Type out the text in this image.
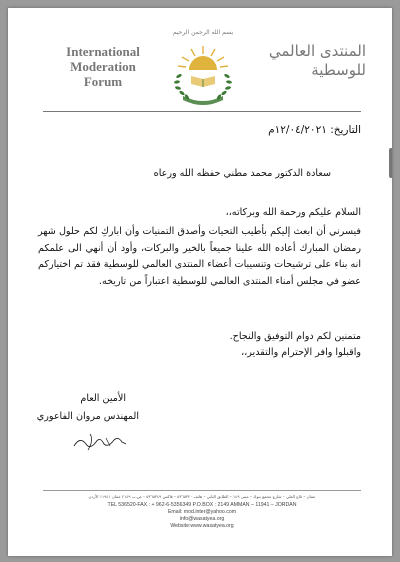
International
Moderation
Forum
بسم الله الرحمن الرحيم
المنتدى العالمي
للوسطية
التاريخ: ١٢/٠٤/٢٠٢١م
سعادة الدكتور محمد مطني حفظه الله ورعاه
السلام عليكم ورحمة الله وبركاته،،
فيسرني أن ابعث إليكم بأطيب التحيات وأصدق التمنيات وأن اباركِ لكم حلول شهر رمضان المبارك أعاده الله علينا جميعاً بالخير والبركات، وأود أن أنهي الى علمكم انه بناء على ترشيحات وتنسيبات أعضاء المنتدى العالمي للوسطية فقد تم اختياركم عضو في مجلس أمناء المنتدى العالمي للوسطية اعتباراً من تاريخه.
متمنين لكم دوام التوفيق والنجاح.
واقبلوا وافر الإحترام والتقدير،،
الأمين العام
المهندس مروان الفاعوري
عمان – تلاع العلي – شارع مجمع بنوك – مبنى ١٤٩ – الطابق الثاني – هاتف ٥٣٦٥٣٢٠ – فاكس ٥٣٦٥٣٤٩ – ص.ب ٢١٤٩ عمان ١١٩٤١ الأردن
TEL 536520-FAX : + 962-6-5356349 P.O.BOX : 2149 AMMAN – 11941 – JORDAN
Email: mod.inter@yahoo.com
info@wasatyea.org
Website:www.wasatyea.org
